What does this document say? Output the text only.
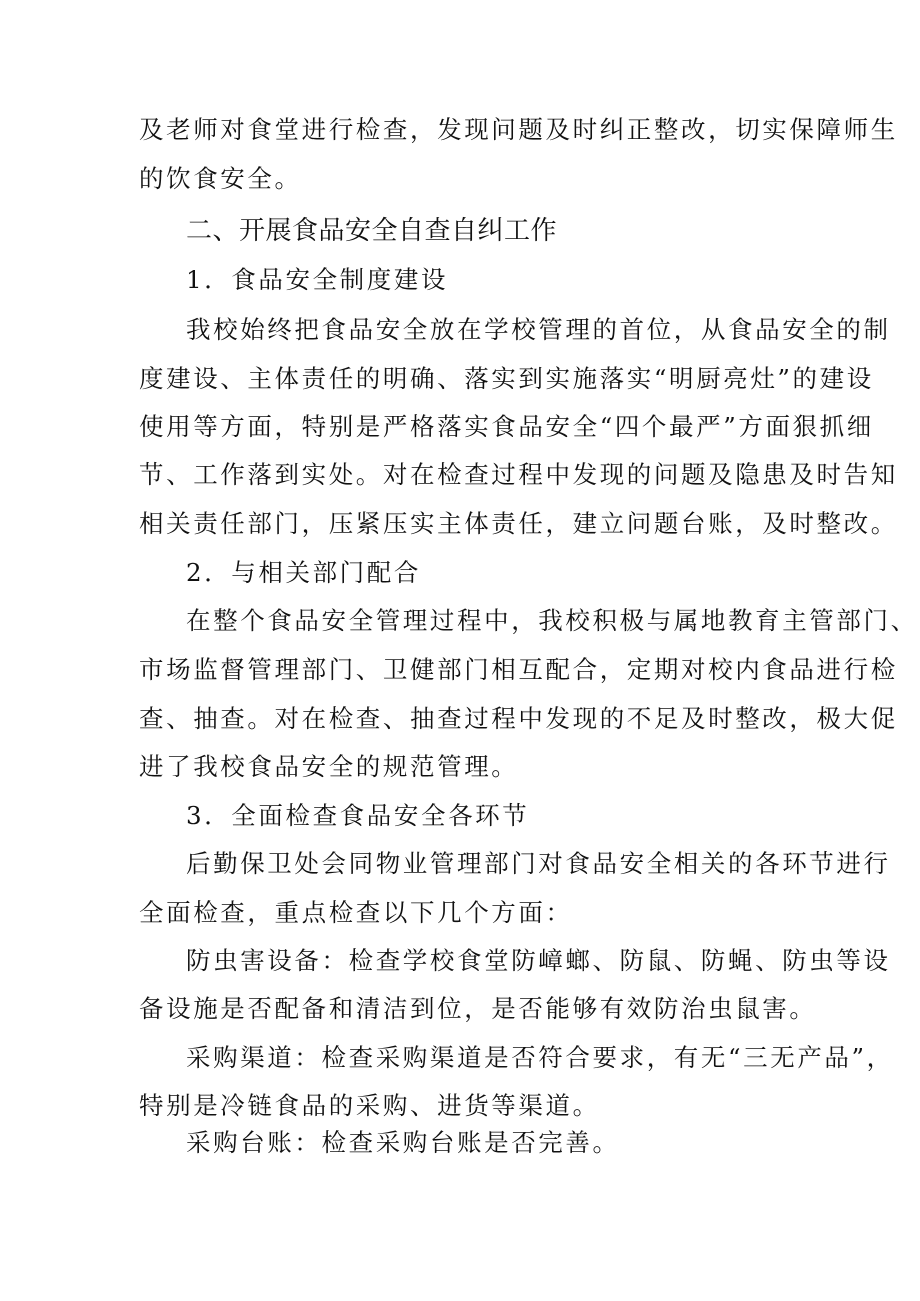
及老师对食堂进行检查，发现问题及时纠正整改，切实保障师生
的饮食安全。
二、开展食品安全自查自纠工作
1．食品安全制度建设
我校始终把食品安全放在学校管理的首位，从食品安全的制
度建设、主体责任的明确、落实到实施落实“明厨亮灶”的建设
使用等方面，特别是严格落实食品安全“四个最严”方面狠抓细
节、工作落到实处。对在检查过程中发现的问题及隐患及时告知
相关责任部门，压紧压实主体责任，建立问题台账，及时整改。
2．与相关部门配合
在整个食品安全管理过程中，我校积极与属地教育主管部门、
市场监督管理部门、卫健部门相互配合，定期对校内食品进行检
查、抽查。对在检查、抽查过程中发现的不足及时整改，极大促
进了我校食品安全的规范管理。
3．全面检查食品安全各环节
后勤保卫处会同物业管理部门对食品安全相关的各环节进行
全面检查，重点检查以下几个方面：
防虫害设备：检查学校食堂防嶂螂、防鼠、防蝇、防虫等设
备设施是否配备和清洁到位，是否能够有效防治虫鼠害。
采购渠道：检查采购渠道是否符合要求，有无“三无产品”，
特别是冷链食品的采购、进货等渠道。
采购台账：检查采购台账是否完善。
